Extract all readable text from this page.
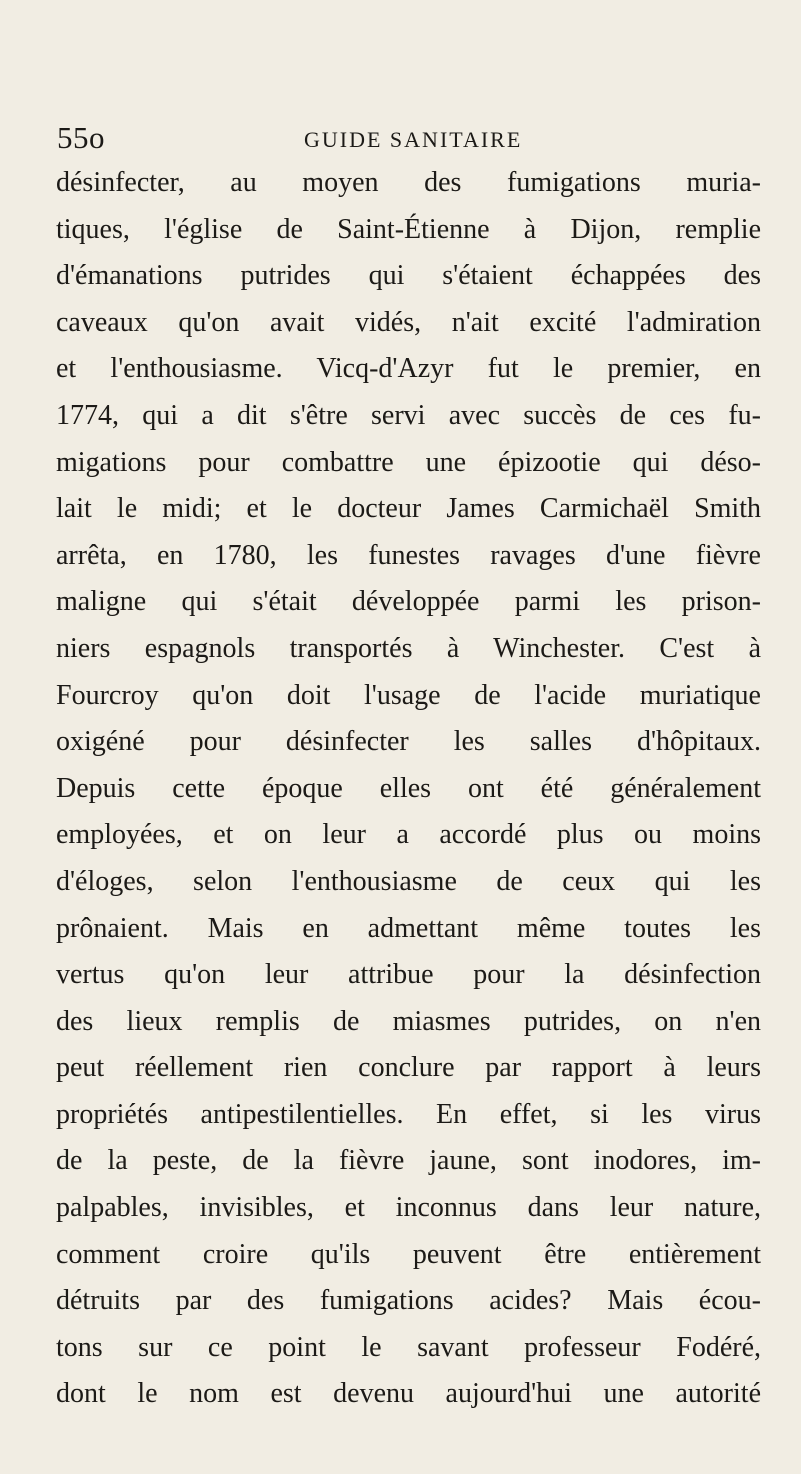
55o	GUIDE SANITAIRE
désinfecter, au moyen des fumigations muria-
tiques, l'église de Saint-Étienne à Dijon, remplie
d'émanations putrides qui s'étaient échappées des
caveaux qu'on avait vidés, n'ait excité l'admiration
et l'enthousiasme. Vicq-d'Azyr fut le premier, en
1774, qui a dit s'être servi avec succès de ces fu-
migations pour combattre une épizootie qui déso-
lait le midi; et le docteur James Carmichaël Smith
arrêta, en 1780, les funestes ravages d'une fièvre
maligne qui s'était développée parmi les prison-
niers espagnols transportés à Winchester. C'est à
Fourcroy qu'on doit l'usage de l'acide muriatique
oxigéné pour désinfecter les salles d'hôpitaux.
Depuis cette époque elles ont été généralement
employées, et on leur a accordé plus ou moins
d'éloges, selon l'enthousiasme de ceux qui les
prônaient. Mais en admettant même toutes les
vertus qu'on leur attribue pour la désinfection
des lieux remplis de miasmes putrides, on n'en
peut réellement rien conclure par rapport à leurs
propriétés antipestilentielles. En effet, si les virus
de la peste, de la fièvre jaune, sont inodores, im-
palpables, invisibles, et inconnus dans leur nature,
comment croire qu'ils peuvent être entièrement
détruits par des fumigations acides? Mais écou-
tons sur ce point le savant professeur Fodéré,
dont le nom est devenu aujourd'hui une autorité
